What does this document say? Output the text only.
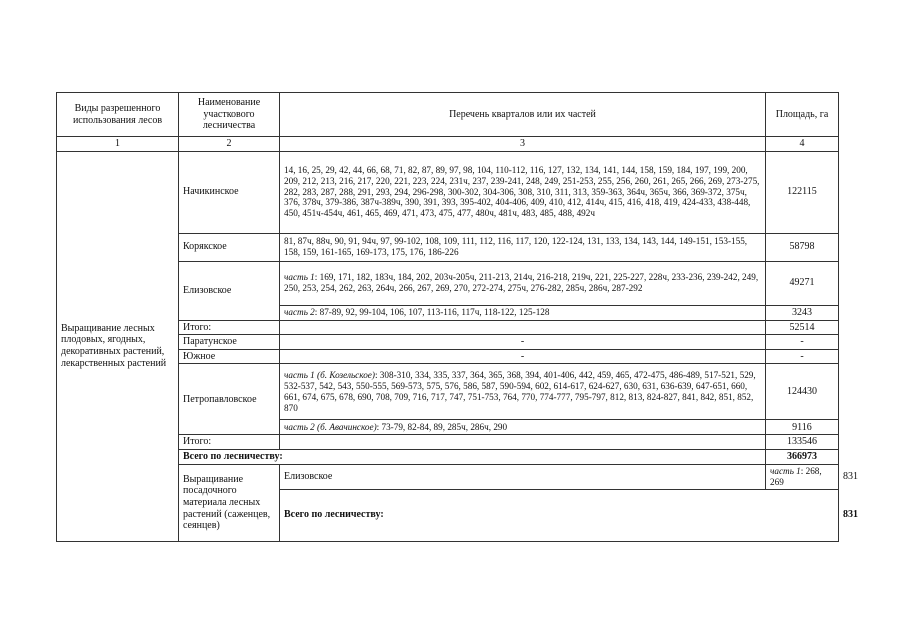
Виды разрешенного использования лесов	Наименование участкового лесничества	Перечень кварталов или их частей	Площадь, га	
1	2	3	4	
Выращивание лесных плодовых, ягодных, декоративных растений, лекарственных растений	Начикинское	14, 16, 25, 29, 42, 44, 66, 68, 71, 82, 87, 89, 97, 98, 104, 110-112, 116, 127, 132, 134, 141, 144, 158, 159, 184, 197, 199, 200, 209, 212, 213, 216, 217, 220, 221, 223, 224, 231ч, 237, 239-241, 248, 249, 251-253, 255, 256, 260, 261, 265, 266, 269, 273-275, 282, 283, 287, 288, 291, 293, 294, 296-298, 300-302, 304-306, 308, 310, 311, 313, 359-363, 364ч, 365ч, 366, 369-372, 375ч, 376, 378ч, 379-386, 387ч-389ч, 390, 391, 393, 395-402, 404-406, 409, 410, 412, 414ч, 415, 416, 418, 419, 424-433, 438-448, 450, 451ч-454ч, 461, 465, 469, 471, 473, 475, 477, 480ч, 481ч, 483, 485, 488, 492ч	122115	
	Корякское	81, 87ч, 88ч, 90, 91, 94ч, 97, 99-102, 108, 109, 111, 112, 116, 117, 120, 122-124, 131, 133, 134, 143, 144, 149-151, 153-155, 158, 159, 161-165, 169-173, 175, 176, 186-226	58798	
	Елизовское	часть 1: 169, 171, 182, 183ч, 184, 202, 203ч-205ч, 211-213, 214ч, 216-218, 219ч, 221, 225-227, 228ч, 233-236, 239-242, 249, 250, 253, 254, 262, 263, 264ч, 266, 267, 269, 270, 272-274, 275ч, 276-282, 285ч, 286ч, 287-292	49271	
		часть 2: 87-89, 92, 99-104, 106, 107, 113-116, 117ч, 118-122, 125-128	3243	
	Итого:		52514	
	Паратунское	-	-	
	Южное	-	-	
	Петропавловское	часть 1 (б. Козельское): 308-310, 334, 335, 337, 364, 365, 368, 394, 401-406, 442, 459, 465, 472-475, 486-489, 517-521, 529, 532-537, 542, 543, 550-555, 569-573, 575, 576, 586, 587, 590-594, 602, 614-617, 624-627, 630, 631, 636-639, 647-651, 660, 661, 674, 675, 678, 690, 708, 709, 716, 717, 747, 751-753, 764, 770, 774-777, 795-797, 812, 813, 824-827, 841, 842, 851, 852, 870	124430	
		часть 2 (б. Авачинское): 73-79, 82-84, 89, 285ч, 286ч, 290	9116	
	Итого:		133546	
	Всего по лесничеству:		366973	
	Выращивание посадочного материала лесных растений (саженцев, сеянцев)	Елизовское	часть 1: 268, 269	831
		Всего по лесничеству:		831
